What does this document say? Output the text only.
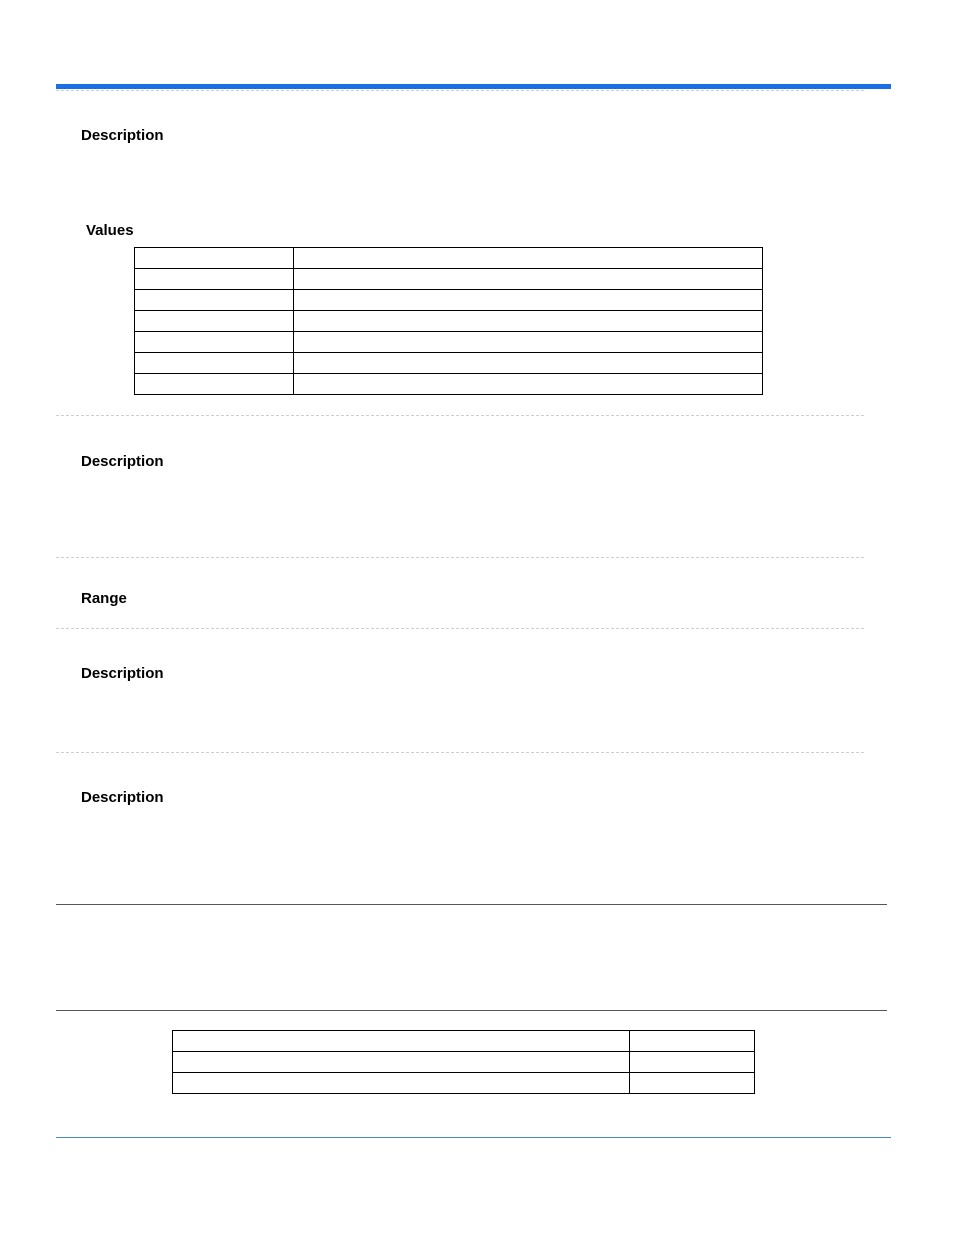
Description
Values

Description
Range
Description
Description
